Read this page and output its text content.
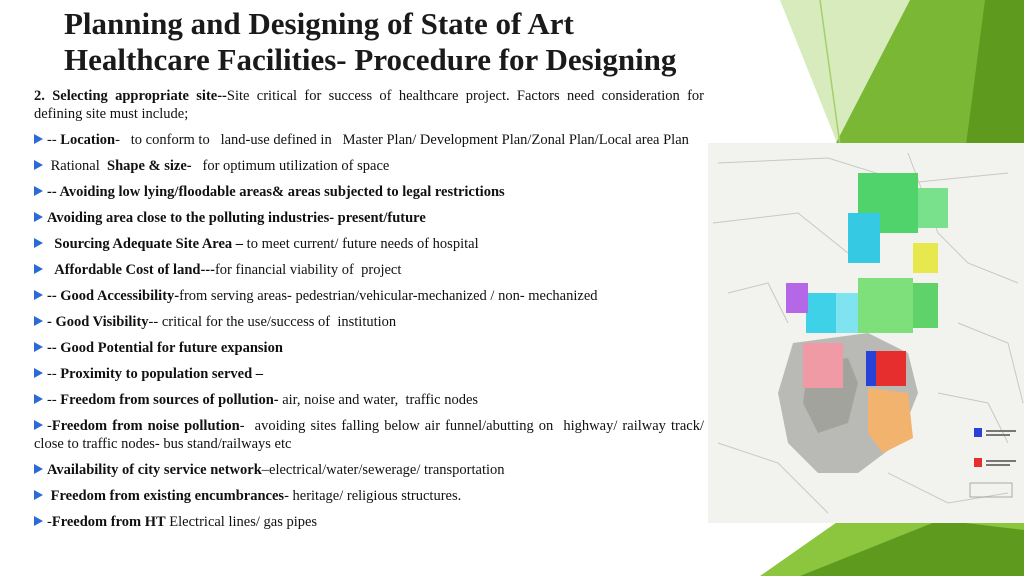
Planning and Designing of State of Art
Healthcare Facilities- Procedure for Designing
2. Selecting appropriate site--Site critical for success of healthcare project. Factors need consideration for defining site must include;
-- Location-   to conform to   land-use defined in   Master Plan/ Development Plan/Zonal Plan/Local area Plan
Rational  Shape & size-   for optimum utilization of space
-- Avoiding low lying/floodable areas& areas subjected to legal restrictions
Avoiding area close to the polluting industries- present/future
Sourcing Adequate Site Area – to meet current/ future needs of hospital
Affordable Cost of land---for financial viability of  project
-- Good Accessibility-from serving areas- pedestrian/vehicular-mechanized / non- mechanized
- Good Visibility-- critical for the use/success of  institution
-- Good Potential for future expansion
-- Proximity to population served –
-- Freedom from sources of pollution- air, noise and water,  traffic nodes
-Freedom from noise pollution-  avoiding sites falling below air funnel/abutting on  highway/ railway track/ close to traffic nodes- bus stand/railways etc
Availability of city service network–electrical/water/sewerage/ transportation
Freedom from existing encumbrances- heritage/ religious structures.
-Freedom from HT Electrical lines/ gas pipes
